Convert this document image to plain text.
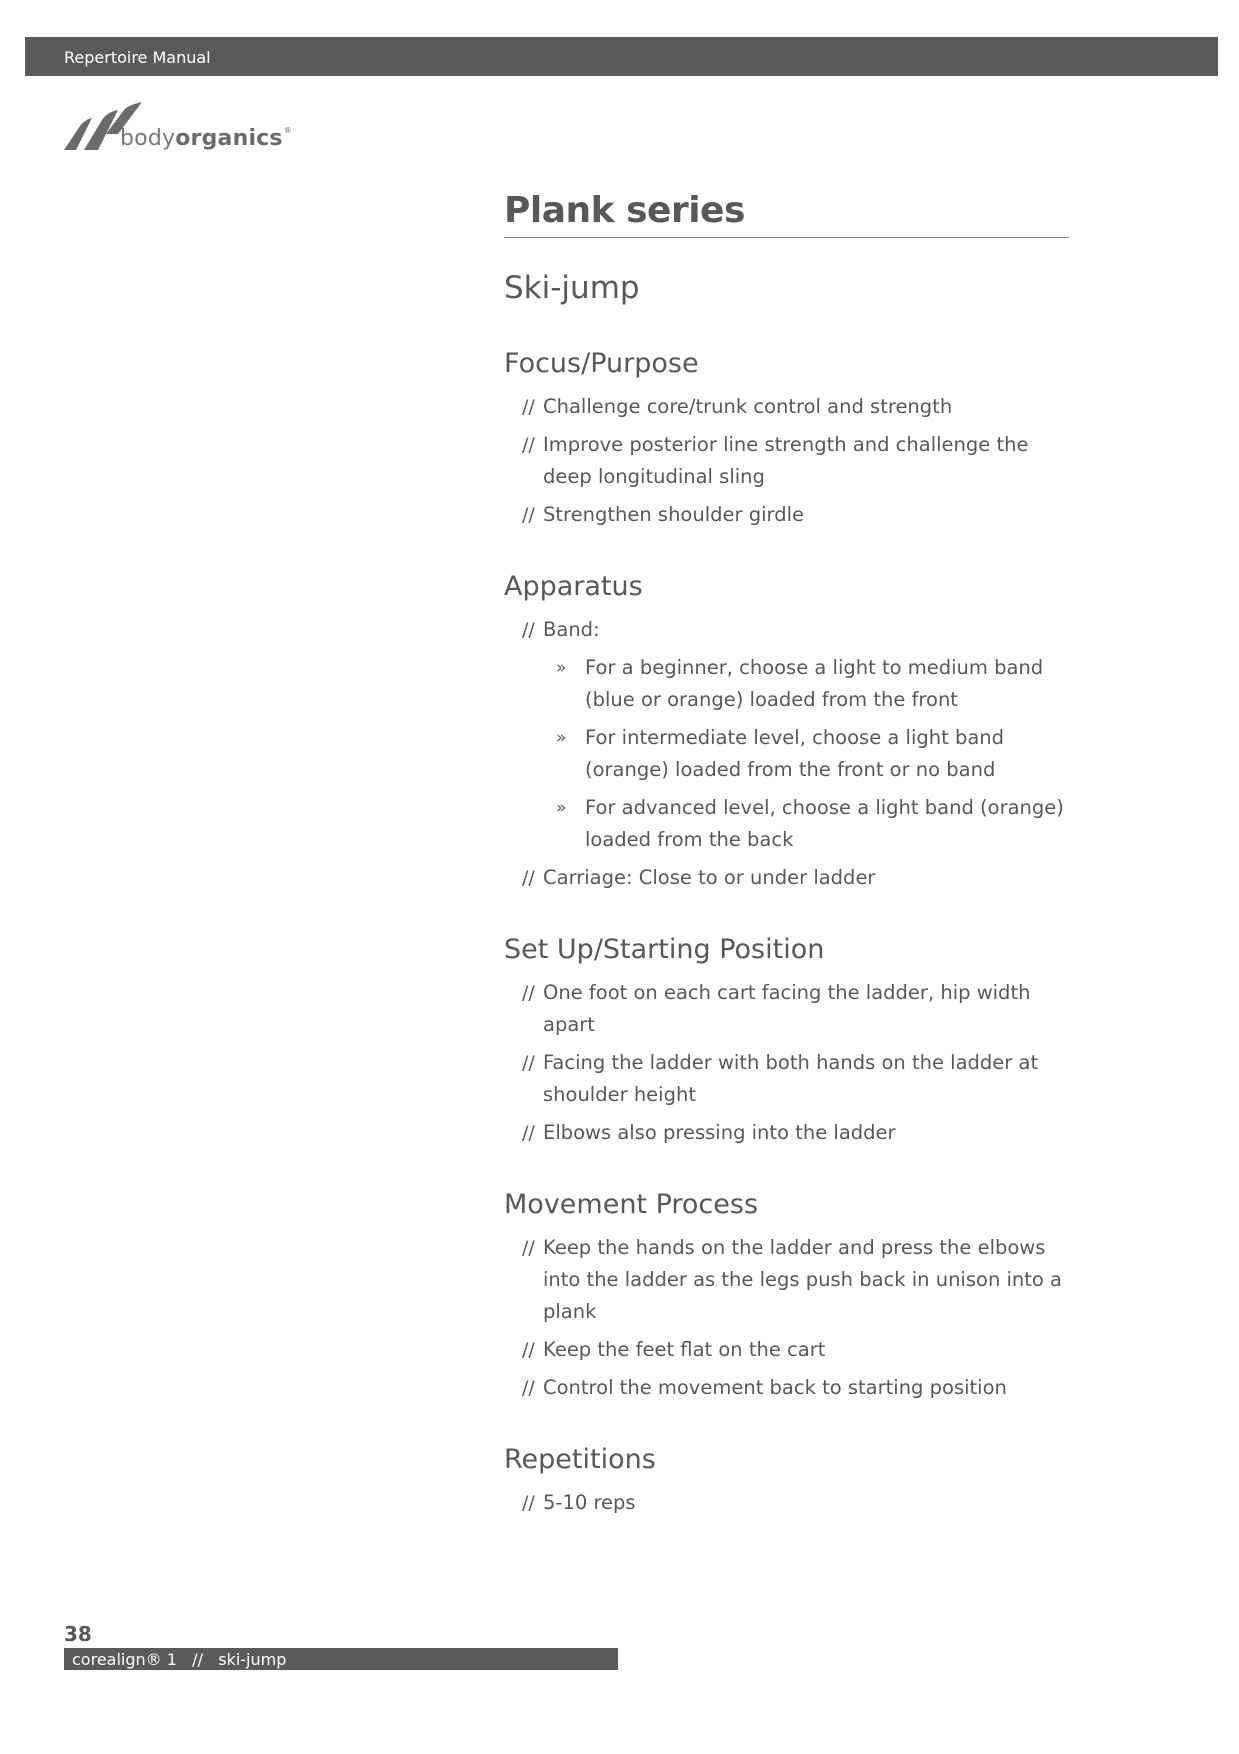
Repertoire Manual
bodyorganics®
Plank series
Ski-jump
Focus/Purpose
// Challenge core/trunk control and strength
// Improve posterior line strength and challenge the deep longitudinal sling
// Strengthen shoulder girdle
Apparatus
// Band:
» For a beginner, choose a light to medium band (blue or orange) loaded from the front
» For intermediate level, choose a light band (orange) loaded from the front or no band
» For advanced level, choose a light band (orange) loaded from the back
// Carriage: Close to or under ladder
Set Up/Starting Position
// One foot on each cart facing the ladder, hip width apart
// Facing the ladder with both hands on the ladder at shoulder height
// Elbows also pressing into the ladder
Movement Process
// Keep the hands on the ladder and press the elbows into the ladder as the legs push back in unison into a plank
// Keep the feet flat on the cart
// Control the movement back to starting position
Repetitions
// 5-10 reps
38
corealign® 1   //   ski-jump
